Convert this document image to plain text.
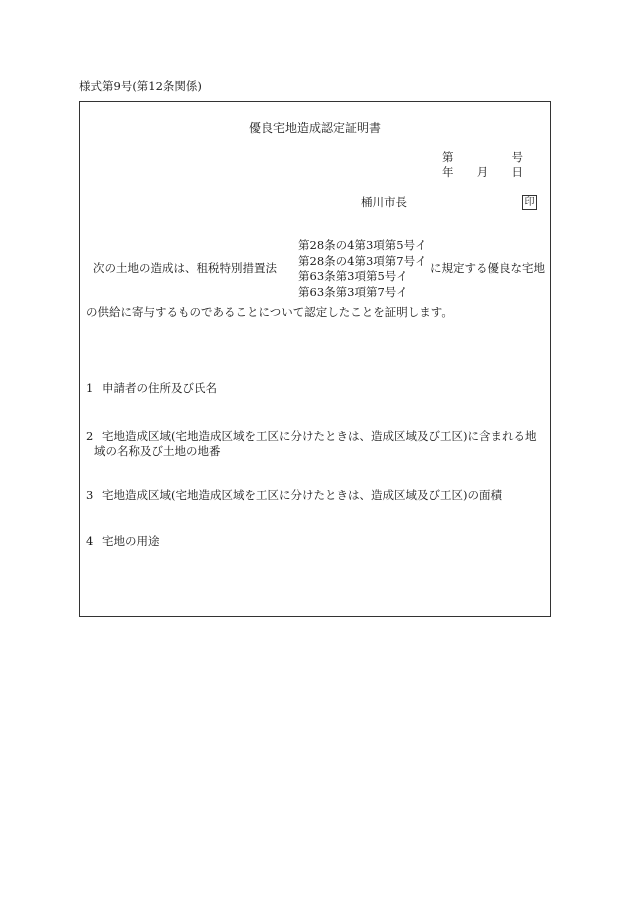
様式第9号(第12条関係)
優良宅地造成認定証明書
第	号
年 月 日
桶川市長	印
次の土地の造成は、租税特別措置法
第28条の4第3項第5号イ
第28条の4第3項第7号イ
第63条第3項第5号イ
第63条第3項第7号イ
に規定する優良な宅地
の供給に寄与するものであることについて認定したことを証明します。
1 申請者の住所及び氏名
2 宅地造成区域(宅地造成区域を工区に分けたときは、造成区域及び工区)に含まれる地
域の名称及び土地の地番
3 宅地造成区域(宅地造成区域を工区に分けたときは、造成区域及び工区)の面積
4 宅地の用途
